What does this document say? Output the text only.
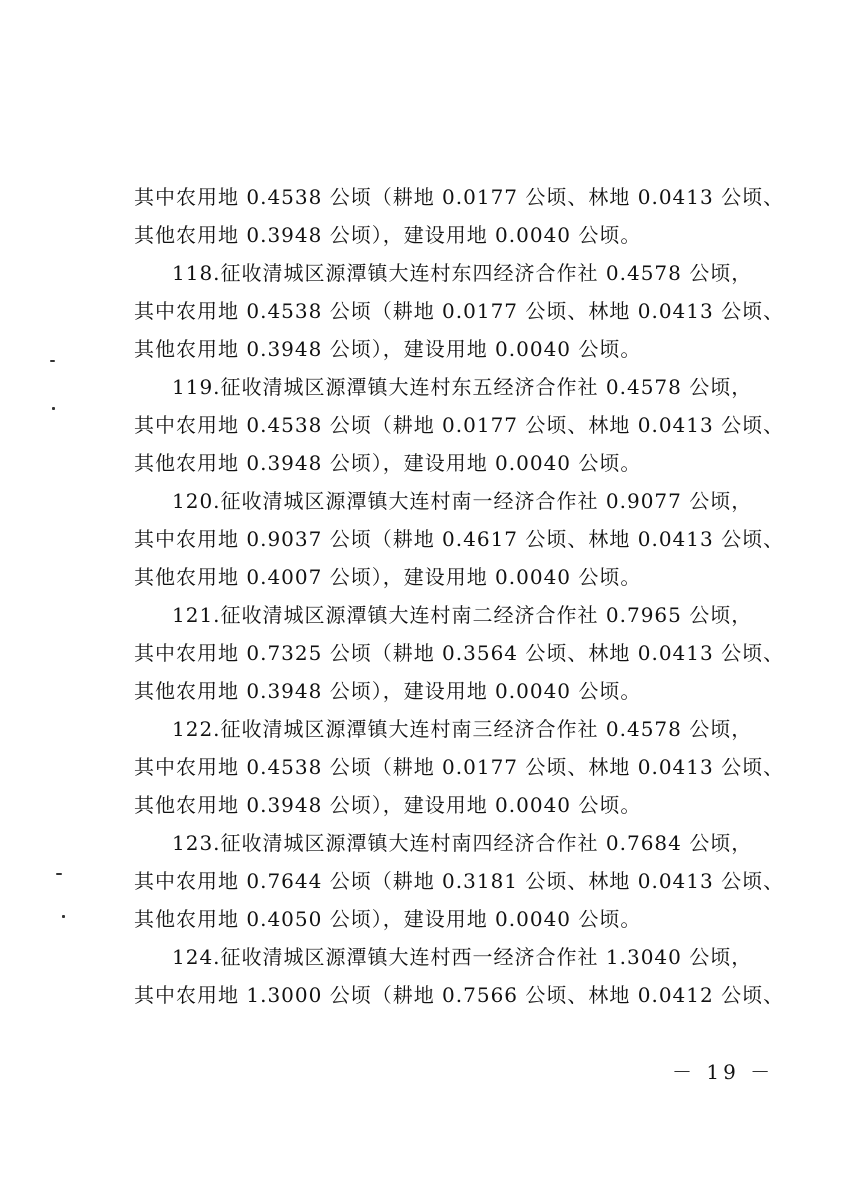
其中农用地 0.4538 公顷（耕地 0.0177 公顷、林地 0.0413 公顷、
其他农用地 0.3948 公顷），建设用地 0.0040 公顷。
118.征收清城区源潭镇大连村东四经济合作社 0.4578 公顷，
其中农用地 0.4538 公顷（耕地 0.0177 公顷、林地 0.0413 公顷、
其他农用地 0.3948 公顷），建设用地 0.0040 公顷。
119.征收清城区源潭镇大连村东五经济合作社 0.4578 公顷，
其中农用地 0.4538 公顷（耕地 0.0177 公顷、林地 0.0413 公顷、
其他农用地 0.3948 公顷），建设用地 0.0040 公顷。
120.征收清城区源潭镇大连村南一经济合作社 0.9077 公顷，
其中农用地 0.9037 公顷（耕地 0.4617 公顷、林地 0.0413 公顷、
其他农用地 0.4007 公顷），建设用地 0.0040 公顷。
121.征收清城区源潭镇大连村南二经济合作社 0.7965 公顷，
其中农用地 0.7325 公顷（耕地 0.3564 公顷、林地 0.0413 公顷、
其他农用地 0.3948 公顷），建设用地 0.0040 公顷。
122.征收清城区源潭镇大连村南三经济合作社 0.4578 公顷，
其中农用地 0.4538 公顷（耕地 0.0177 公顷、林地 0.0413 公顷、
其他农用地 0.3948 公顷），建设用地 0.0040 公顷。
123.征收清城区源潭镇大连村南四经济合作社 0.7684 公顷，
其中农用地 0.7644 公顷（耕地 0.3181 公顷、林地 0.0413 公顷、
其他农用地 0.4050 公顷），建设用地 0.0040 公顷。
124.征收清城区源潭镇大连村西一经济合作社 1.3040 公顷，
其中农用地 1.3000 公顷（耕地 0.7566 公顷、林地 0.0412 公顷、
－ 19 －
